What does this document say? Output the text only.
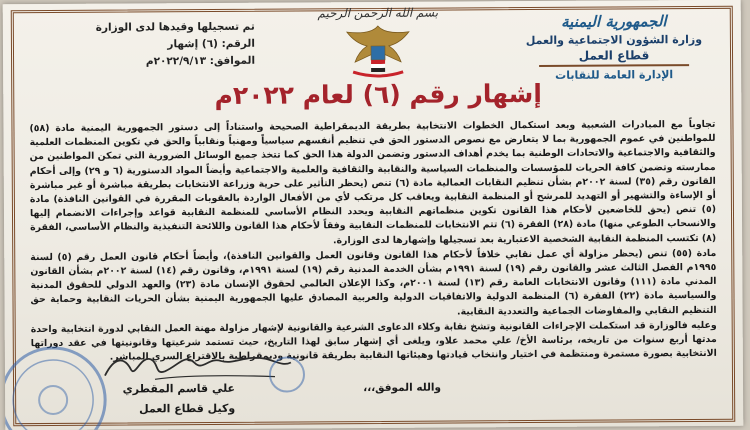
الجمهورية اليمنية
وزارة الشؤون الاجتماعية والعمل
قطاع العمل
الإدارة العامة للنقابات
تم تسجيلها وقيدها لدى الوزارة
الرقم: (٦) إشهار
الموافق: ٢٠٢٢/٩/١٣م
بسم الله الرحمن الرحيم
إشهار رقم (٦) لعام ٢٠٢٢م

تجاوباً مع المبادرات الشعبية وبعد استكمال الخطوات الانتخابية بطريقة الديمقراطية الصحيحة واستناداً إلى دستور الجمهورية اليمنية مادة (٥٨) للمواطنين في عموم الجمهورية بما لا يتعارض مع نصوص الدستور الحق في تنظيم أنفسهم سياسياً ومهنياً ونقابياً والحق في تكوين المنظمات العلمية والثقافية والاجتماعية والاتحادات الوطنية بما يخدم أهداف الدستور وتضمن الدولة هذا الحق كما تتخذ جميع الوسائل الضرورية التي تمكن المواطنين من ممارسته وتضمن كافة الحريات للمؤسسات والمنظمات السياسية والنقابية والثقافية والعلمية والاجتماعية وأيضاً المواد الدستورية (٦ و ٢٩) وإلى أحكام القانون رقم (٣٥) لسنة ٢٠٠٢م بشأن تنظيم النقابات العمالية مادة (٦) تنص (يحظر التأثير على حرية وزراعة الانتخابات بطريقة مباشرة أو غير مباشرة أو الإساءة والتشهير أو التهديد للمرشح أو المنظمة النقابية ويعاقب كل مرتكب لأي من الأفعال الواردة بالعقوبات المقررة في القوانين النافذة) مادة (٥) تنص (يحق للخاضعين لأحكام هذا القانون تكوين منظماتهم النقابية ويحدد النظام الأساسي للمنظمة النقابية قواعد وإجراءات الانضمام إليها والانسحاب الطوعي منها) مادة (٢٨) الفقرة (٦) تتم الانتخابات للمنظمات النقابية وفقاً لأحكام هذا القانون واللائحة التنفيذية والنظام الأساسي، الفقرة (٨) تكتسب المنظمة النقابية الشخصية الاعتبارية بعد تسجيلها وإشهارها لدى الوزارة.

مادة (٥٥) تنص (يحظر مزاولة أي عمل نقابي خلافاً لأحكام هذا القانون وقانون العمل والقوانين النافذة)، وأيضاً أحكام قانون العمل رقم (٥) لسنة ١٩٩٥م الفصل الثالث عشر والقانون رقم (١٩) لسنة ١٩٩١م بشأن الخدمة المدنية رقم (١٩) لسنة ١٩٩١م، وقانون رقم (١٤) لسنة ٢٠٠٢م بشأن القانون المدني مادة (١١١) وقانون الانتخابات العامة رقم (١٣) لسنة ٢٠٠١م، وكذا الإعلان العالمي لحقوق الإنسان مادة (٢٣) والعهد الدولي للحقوق المدنية والسياسية مادة (٢٢) الفقرة (٦) المنظمة الدولية والاتفاقيات الدولية والعربية المصادق عليها الجمهورية اليمنية بشأن الحريات النقابية وحماية حق التنظيم النقابي والمفاوضات الجماعية والتعددية النقابية.

وعليه فالوزارة قد استكملت الإجراءات القانونية وتشخ نقابة وكلاء الدعاوى الشرعية والقانونية لإشهار مزاولة مهنة العمل النقابي لدورة انتخابية واحدة مدتها أربع سنوات من تاريخه، برئاسة الأخ/ علي محمد علاو، ويلغى أي إشهار سابق لهذا التاريخ، حيث تستمد شرعيتها وقانونيتها في عقد دوراتها الانتخابية بصورة مستمرة ومنتظمة في اختيار وانتخاب قيادتها وهيئاتها النقابية بطريقة قانونية وديمقراطية بالاقتراع السري المباشر.

والله الموفق،،،
علي قاسم المقطري
وكيل قطاع العمل
